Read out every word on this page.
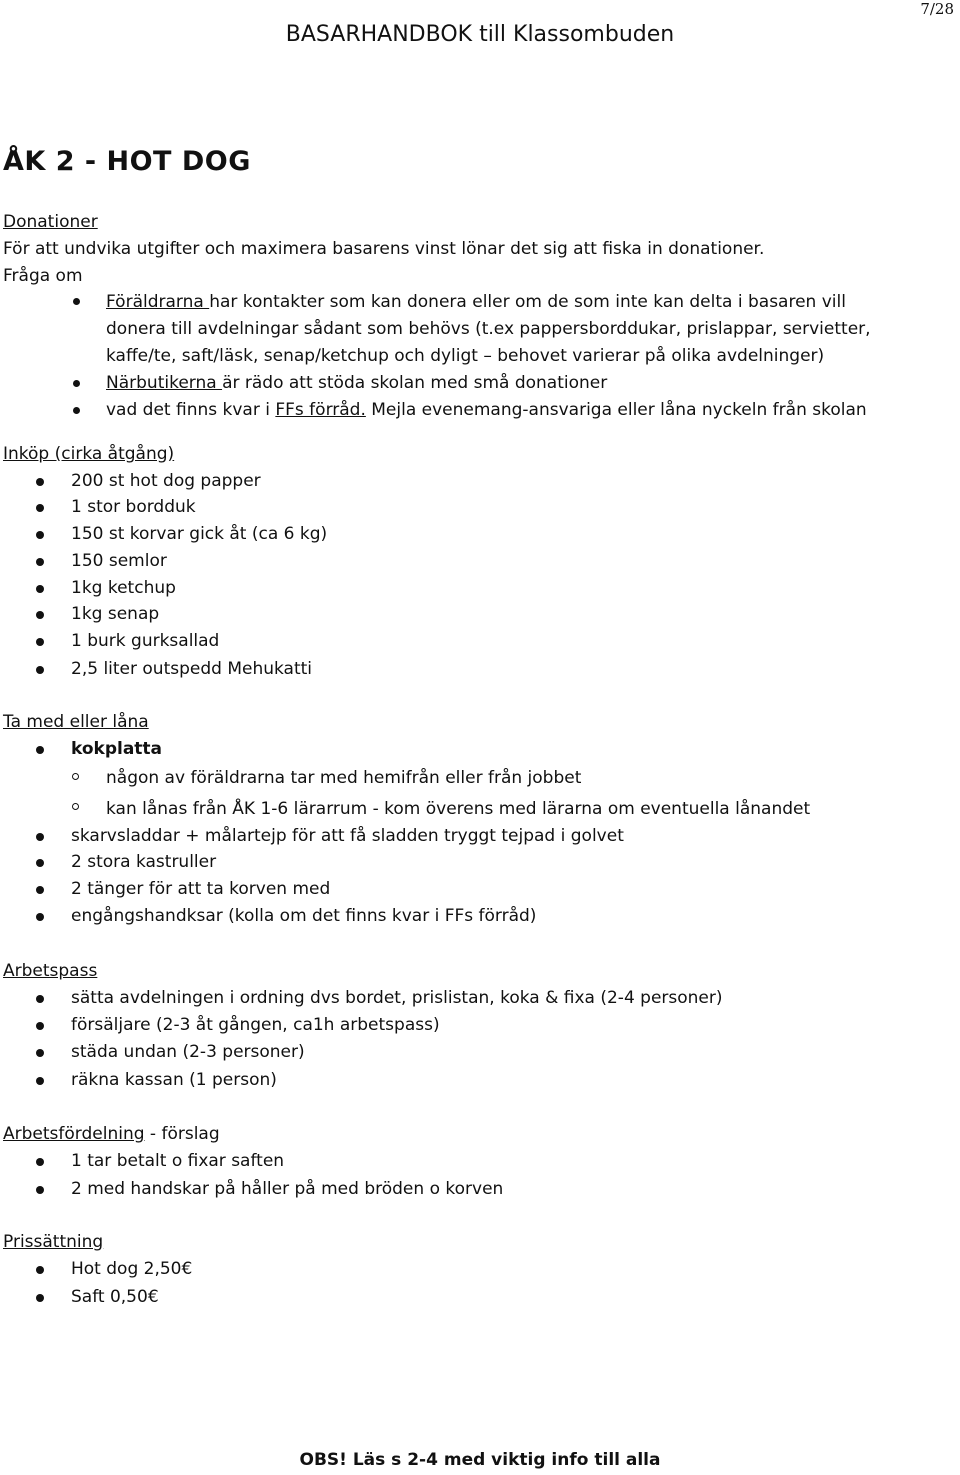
7/28
BASARHANDBOK till Klassombuden
ÅK 2 - HOT DOG
Donationer
För att undvika utgifter och maximera basarens vinst lönar det sig att fiska in donationer.
Fråga om
Föräldrarna har kontakter som kan donera eller om de som inte kan delta i basaren vill
donera till avdelningar sådant som behövs (t.ex pappersborddukar, prislappar, servietter,
kaffe/te, saft/läsk, senap/ketchup och dyligt – behovet varierar på olika avdelninger)
Närbutikerna är rädo att stöda skolan med små donationer
vad det finns kvar i FFs förråd. Mejla evenemang-ansvariga eller låna nyckeln från skolan
Inköp (cirka åtgång)
200 st hot dog papper
1 stor bordduk
150 st korvar gick åt (ca 6 kg)
150 semlor
1kg ketchup
1kg senap
1 burk gurksallad
2,5 liter outspedd Mehukatti
Ta med eller låna
kokplatta
någon av föräldrarna tar med hemifrån eller från jobbet
kan lånas från ÅK 1-6 lärarrum - kom överens med lärarna om eventuella lånandet
skarvsladdar + målartejp för att få sladden tryggt tejpad i golvet
2 stora kastruller
2 tänger för att ta korven med
engångshandksar (kolla om det finns kvar i FFs förråd)
Arbetspass
sätta avdelningen i ordning dvs bordet, prislistan, koka & fixa (2-4 personer)
försäljare (2-3 åt gången, ca1h arbetspass)
städa undan (2-3 personer)
räkna kassan (1 person)
Arbetsfördelning - förslag
1 tar betalt o fixar saften
2 med handskar på håller på med bröden o korven
Prissättning
Hot dog 2,50€
Saft 0,50€
OBS! Läs s 2-4 med viktig info till alla
